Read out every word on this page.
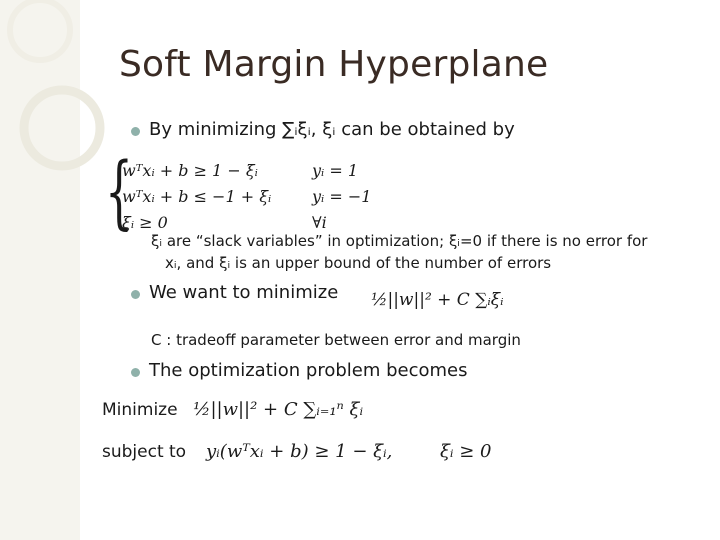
Soft Margin Hyperplane
By minimizing ∑ᵢξᵢ, ξᵢ can be obtained by
{
wᵀxᵢ + b ≥ 1 − ξᵢ	yᵢ = 1
wᵀxᵢ + b ≤ −1 + ξᵢ	yᵢ = −1
ξᵢ ≥ 0	∀i
ξᵢ are “slack variables” in optimization; ξᵢ=0 if there is no error for
xᵢ, and ξᵢ is an upper bound of the number of errors
We want to minimize ½||w||² + C ∑ᵢξᵢ
C : tradeoff parameter between error and margin
The optimization problem becomes
Minimize ½||w||² + C ∑ᵢ₌₁ⁿ ξᵢ
subject to yᵢ(wᵀxᵢ + b) ≥ 1 − ξᵢ,	ξᵢ ≥ 0
